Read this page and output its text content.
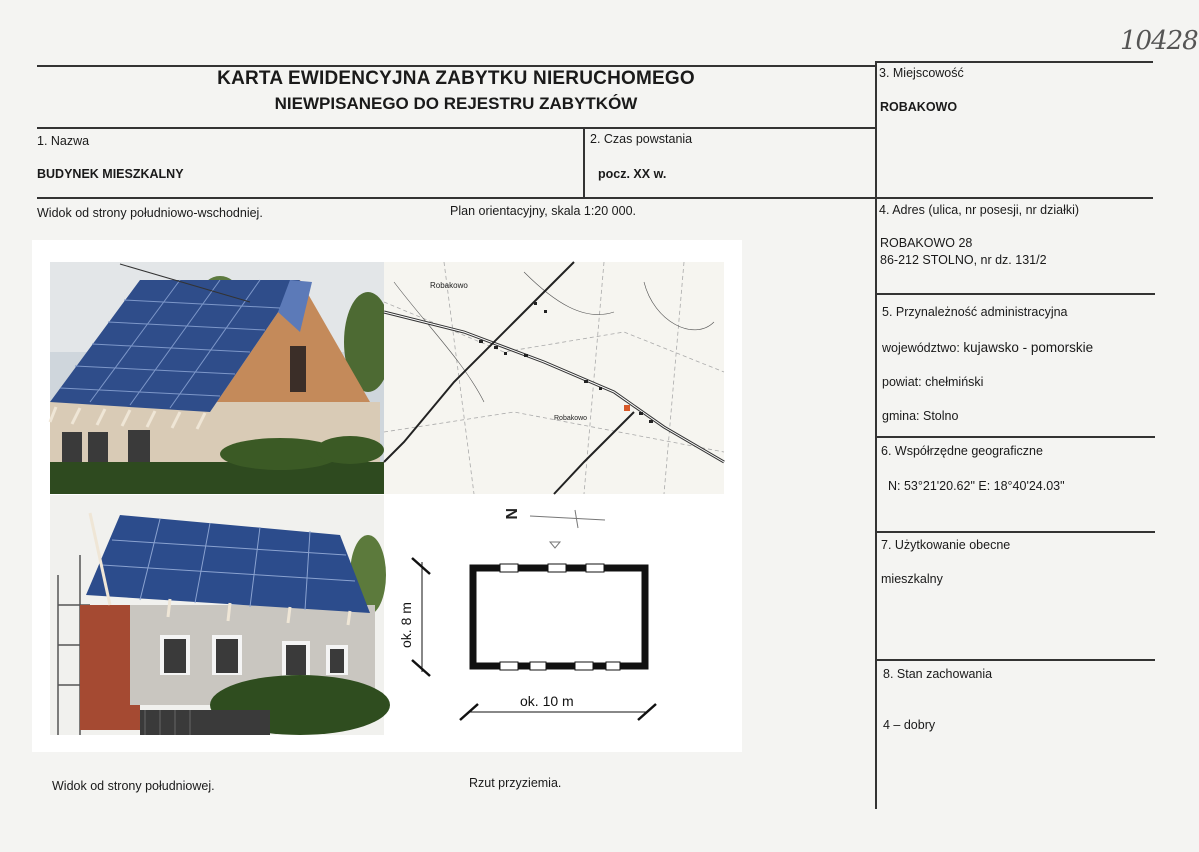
10428
KARTA EWIDENCYJNA ZABYTKU NIERUCHOMEGO
NIEWPISANEGO DO REJESTRU ZABYTKÓW
1. Nazwa
BUDYNEK MIESZKALNY
2. Czas powstania
pocz. XX w.
3. Miejscowość
ROBAKOWO
Widok od strony południowo-wschodniej.	Plan orientacyjny, skala 1:20 000.	4. Adres (ulica, nr posesji, nr działki)
ROBAKOWO 28
86-212 STOLNO, nr dz. 131/2
5. Przynależność administracyjna
województwo: kujawsko - pomorskie
powiat: chełmiński
gmina: Stolno
6. Współrzędne geograficzne
N: 53°21'20.62" E: 18°40'24.03"
7. Użytkowanie obecne
mieszkalny
8. Stan zachowania
4 – dobry
Robakowo
Robakowo
N
ok. 8 m
ok. 10 m
Widok od strony południowej.	Rzut przyziemia.
